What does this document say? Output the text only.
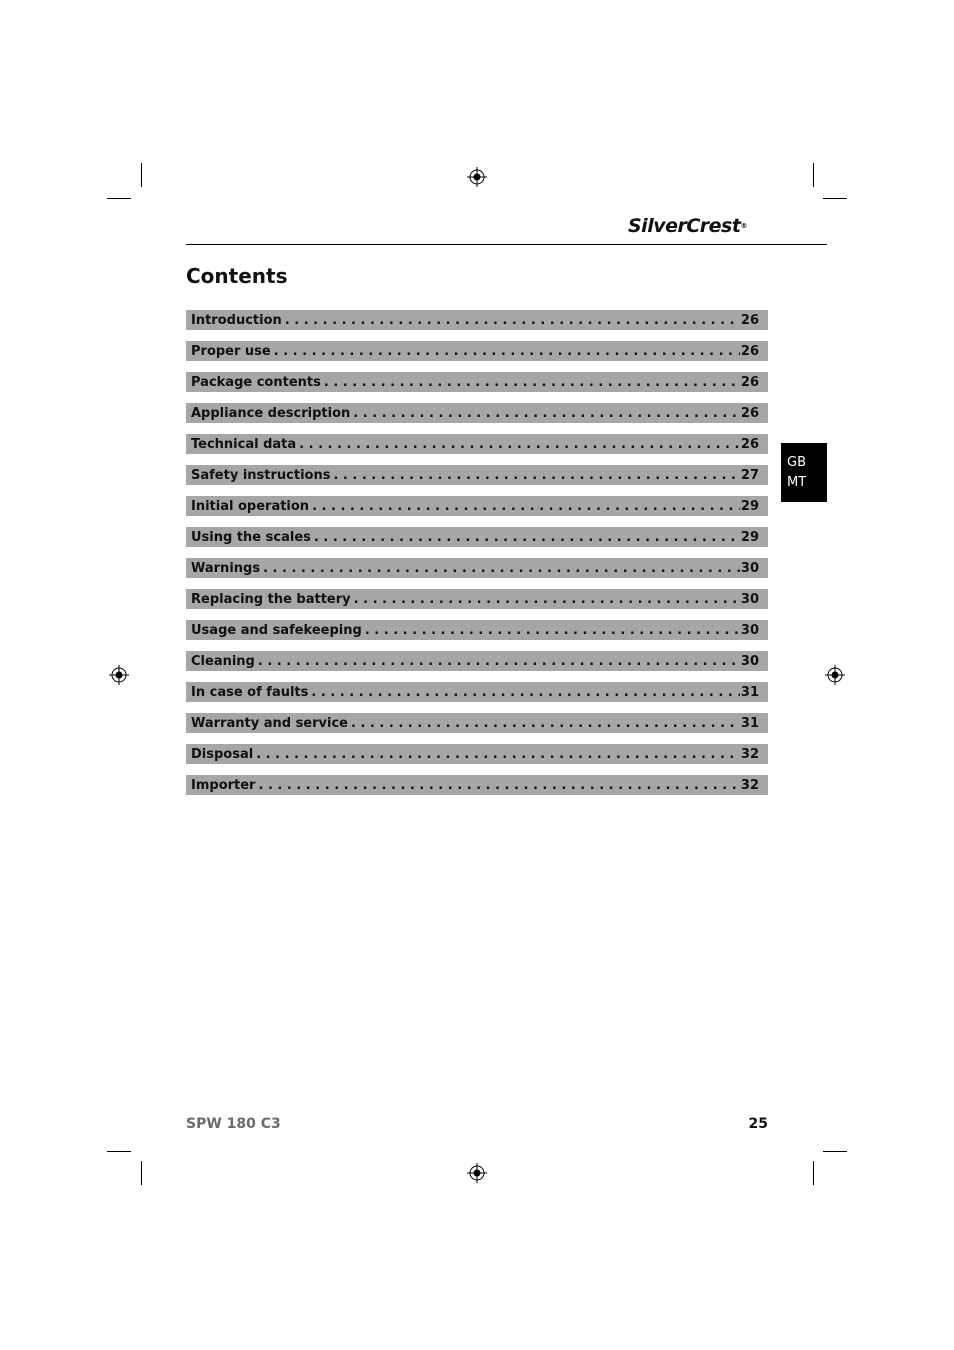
SilverCrest®
Contents
Introduction . . .	26
Proper use . . .	26
Package contents . . .	26
Appliance description . . .	26
Technical data . . .	26
Safety instructions . . .	27
Initial operation . . .	29
Using the scales . . .	29
Warnings . . .	30
Replacing the battery . . .	30
Usage and safekeeping . . .	30
Cleaning . . .	30
In case of faults . . .	31
Warranty and service . . .	31
Disposal . . .	32
Importer . . .	32
GB
MT
SPW 180 C3	25
